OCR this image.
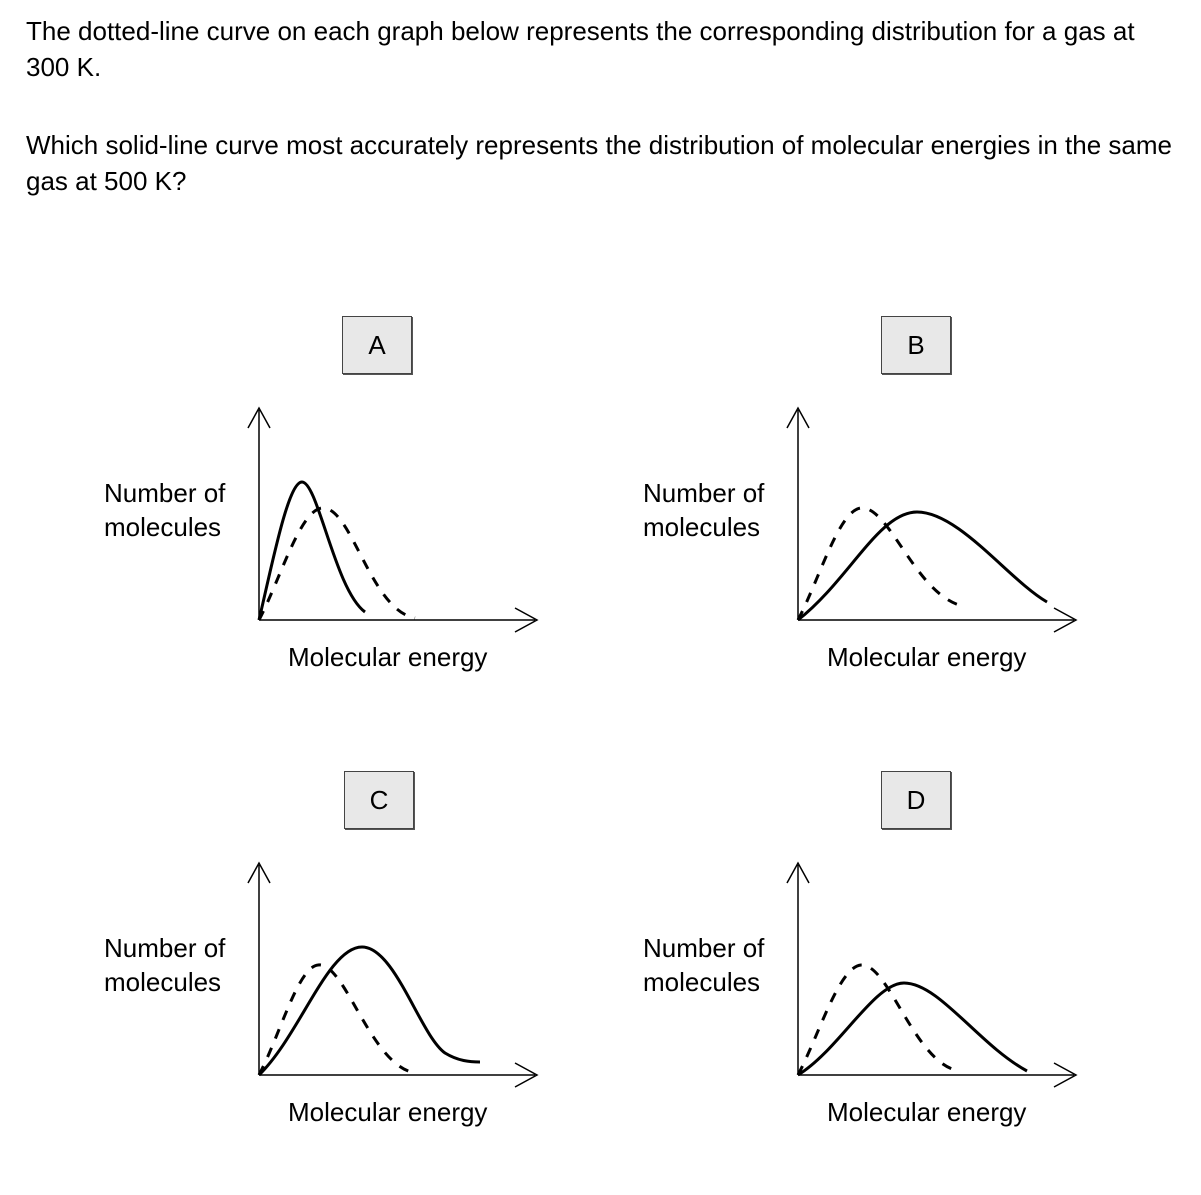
The dotted-line curve on each graph below represents the corresponding distribution for a gas at 300 K.

Which solid-line curve most accurately represents the distribution of molecular energies in the same gas at 500 K?

A
Number of
molecules
Molecular energy
B
Number of
molecules
Molecular energy
C
Number of
molecules
Molecular energy
D
Number of
molecules
Molecular energy
